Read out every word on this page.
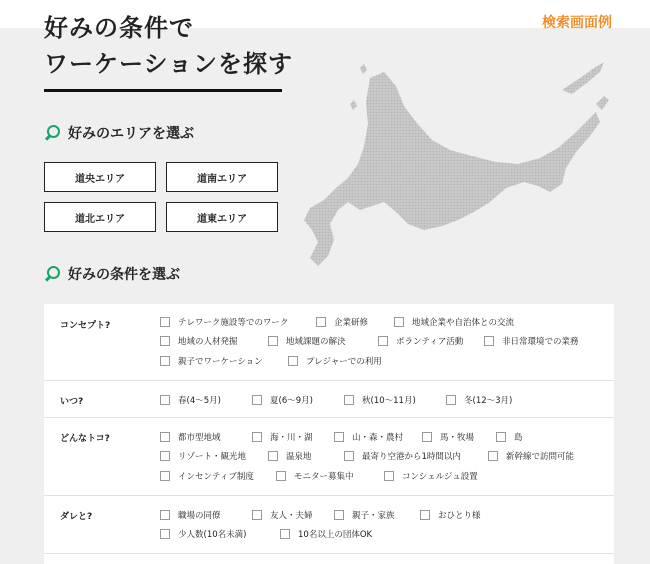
好みの条件で
ワーケーションを探す
検索画面例
好みのエリアを選ぶ
道央エリア	道南エリア
道北エリア	道東エリア
好みの条件を選ぶ
コンセプト?	テレワーク施設等でのワーク	企業研修	地域企業や自治体との交流
地域の人材発掘	地域課題の解決	ボランティア活動	非日常環境での業務
親子でワーケーション	プレジャーでの利用
いつ?	春(4〜5月)	夏(6〜9月)	秋(10〜11月)	冬(12〜3月)
どんなトコ?	都市型地域	海・川・湖	山・森・農村	馬・牧場	島
リゾート・観光地	温泉地	最寄り空港から1時間以内	新幹線で訪問可能
インセンティブ制度	モニター募集中	コンシェルジュ設置
ダレと?	職場の同僚	友人・夫婦	親子・家族	おひとり様
少人数(10名未満)	10名以上の団体OK
